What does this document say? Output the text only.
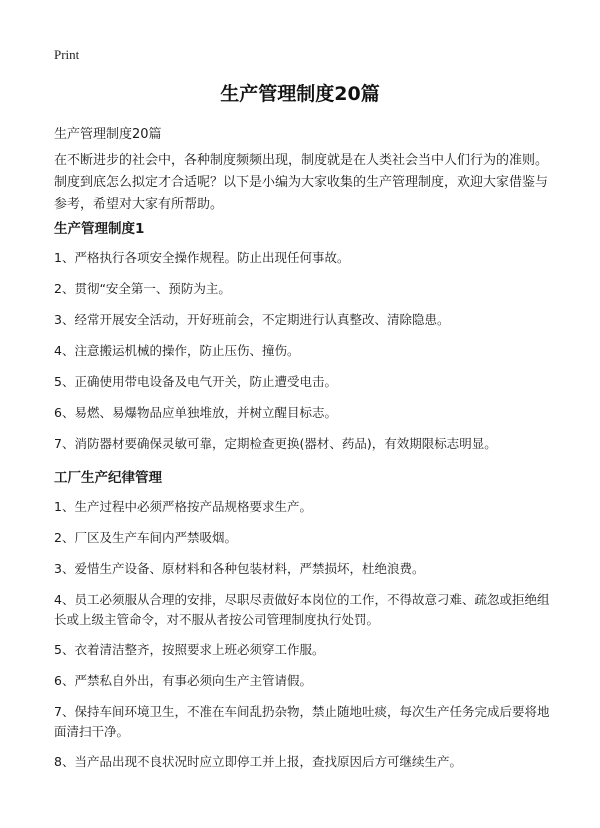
Print
生产管理制度20篇
生产管理制度20篇
在不断进步的社会中，各种制度频频出现，制度就是在人类社会当中人们行为的准则。制度到底怎么拟定才合适呢？以下是小编为大家收集的生产管理制度，欢迎大家借鉴与参考，希望对大家有所帮助。
生产管理制度1
1、严格执行各项安全操作规程。防止出现任何事故。
2、贯彻“安全第一、预防为主。
3、经常开展安全活动，开好班前会，不定期进行认真整改、清除隐患。
4、注意搬运机械的操作，防止压伤、撞伤。
5、正确使用带电设备及电气开关，防止遭受电击。
6、易燃、易爆物品应单独堆放，并树立醒目标志。
7、消防器材要确保灵敏可靠，定期检查更换(器材、药品)，有效期限标志明显。
工厂生产纪律管理
1、生产过程中必须严格按产品规格要求生产。
2、厂区及生产车间内严禁吸烟。
3、爱惜生产设备、原材料和各种包装材料，严禁损坏，杜绝浪费。
4、员工必须服从合理的安排，尽职尽责做好本岗位的工作，不得故意刁难、疏忽或拒绝组长或上级主管命令，对不服从者按公司管理制度执行处罚。
5、衣着清洁整齐，按照要求上班必须穿工作服。
6、严禁私自外出，有事必须向生产主管请假。
7、保持车间环境卫生，不准在车间乱扔杂物，禁止随地吐痰，每次生产任务完成后要将地面清扫干净。
8、当产品出现不良状况时应立即停工并上报，查找原因后方可继续生产。
